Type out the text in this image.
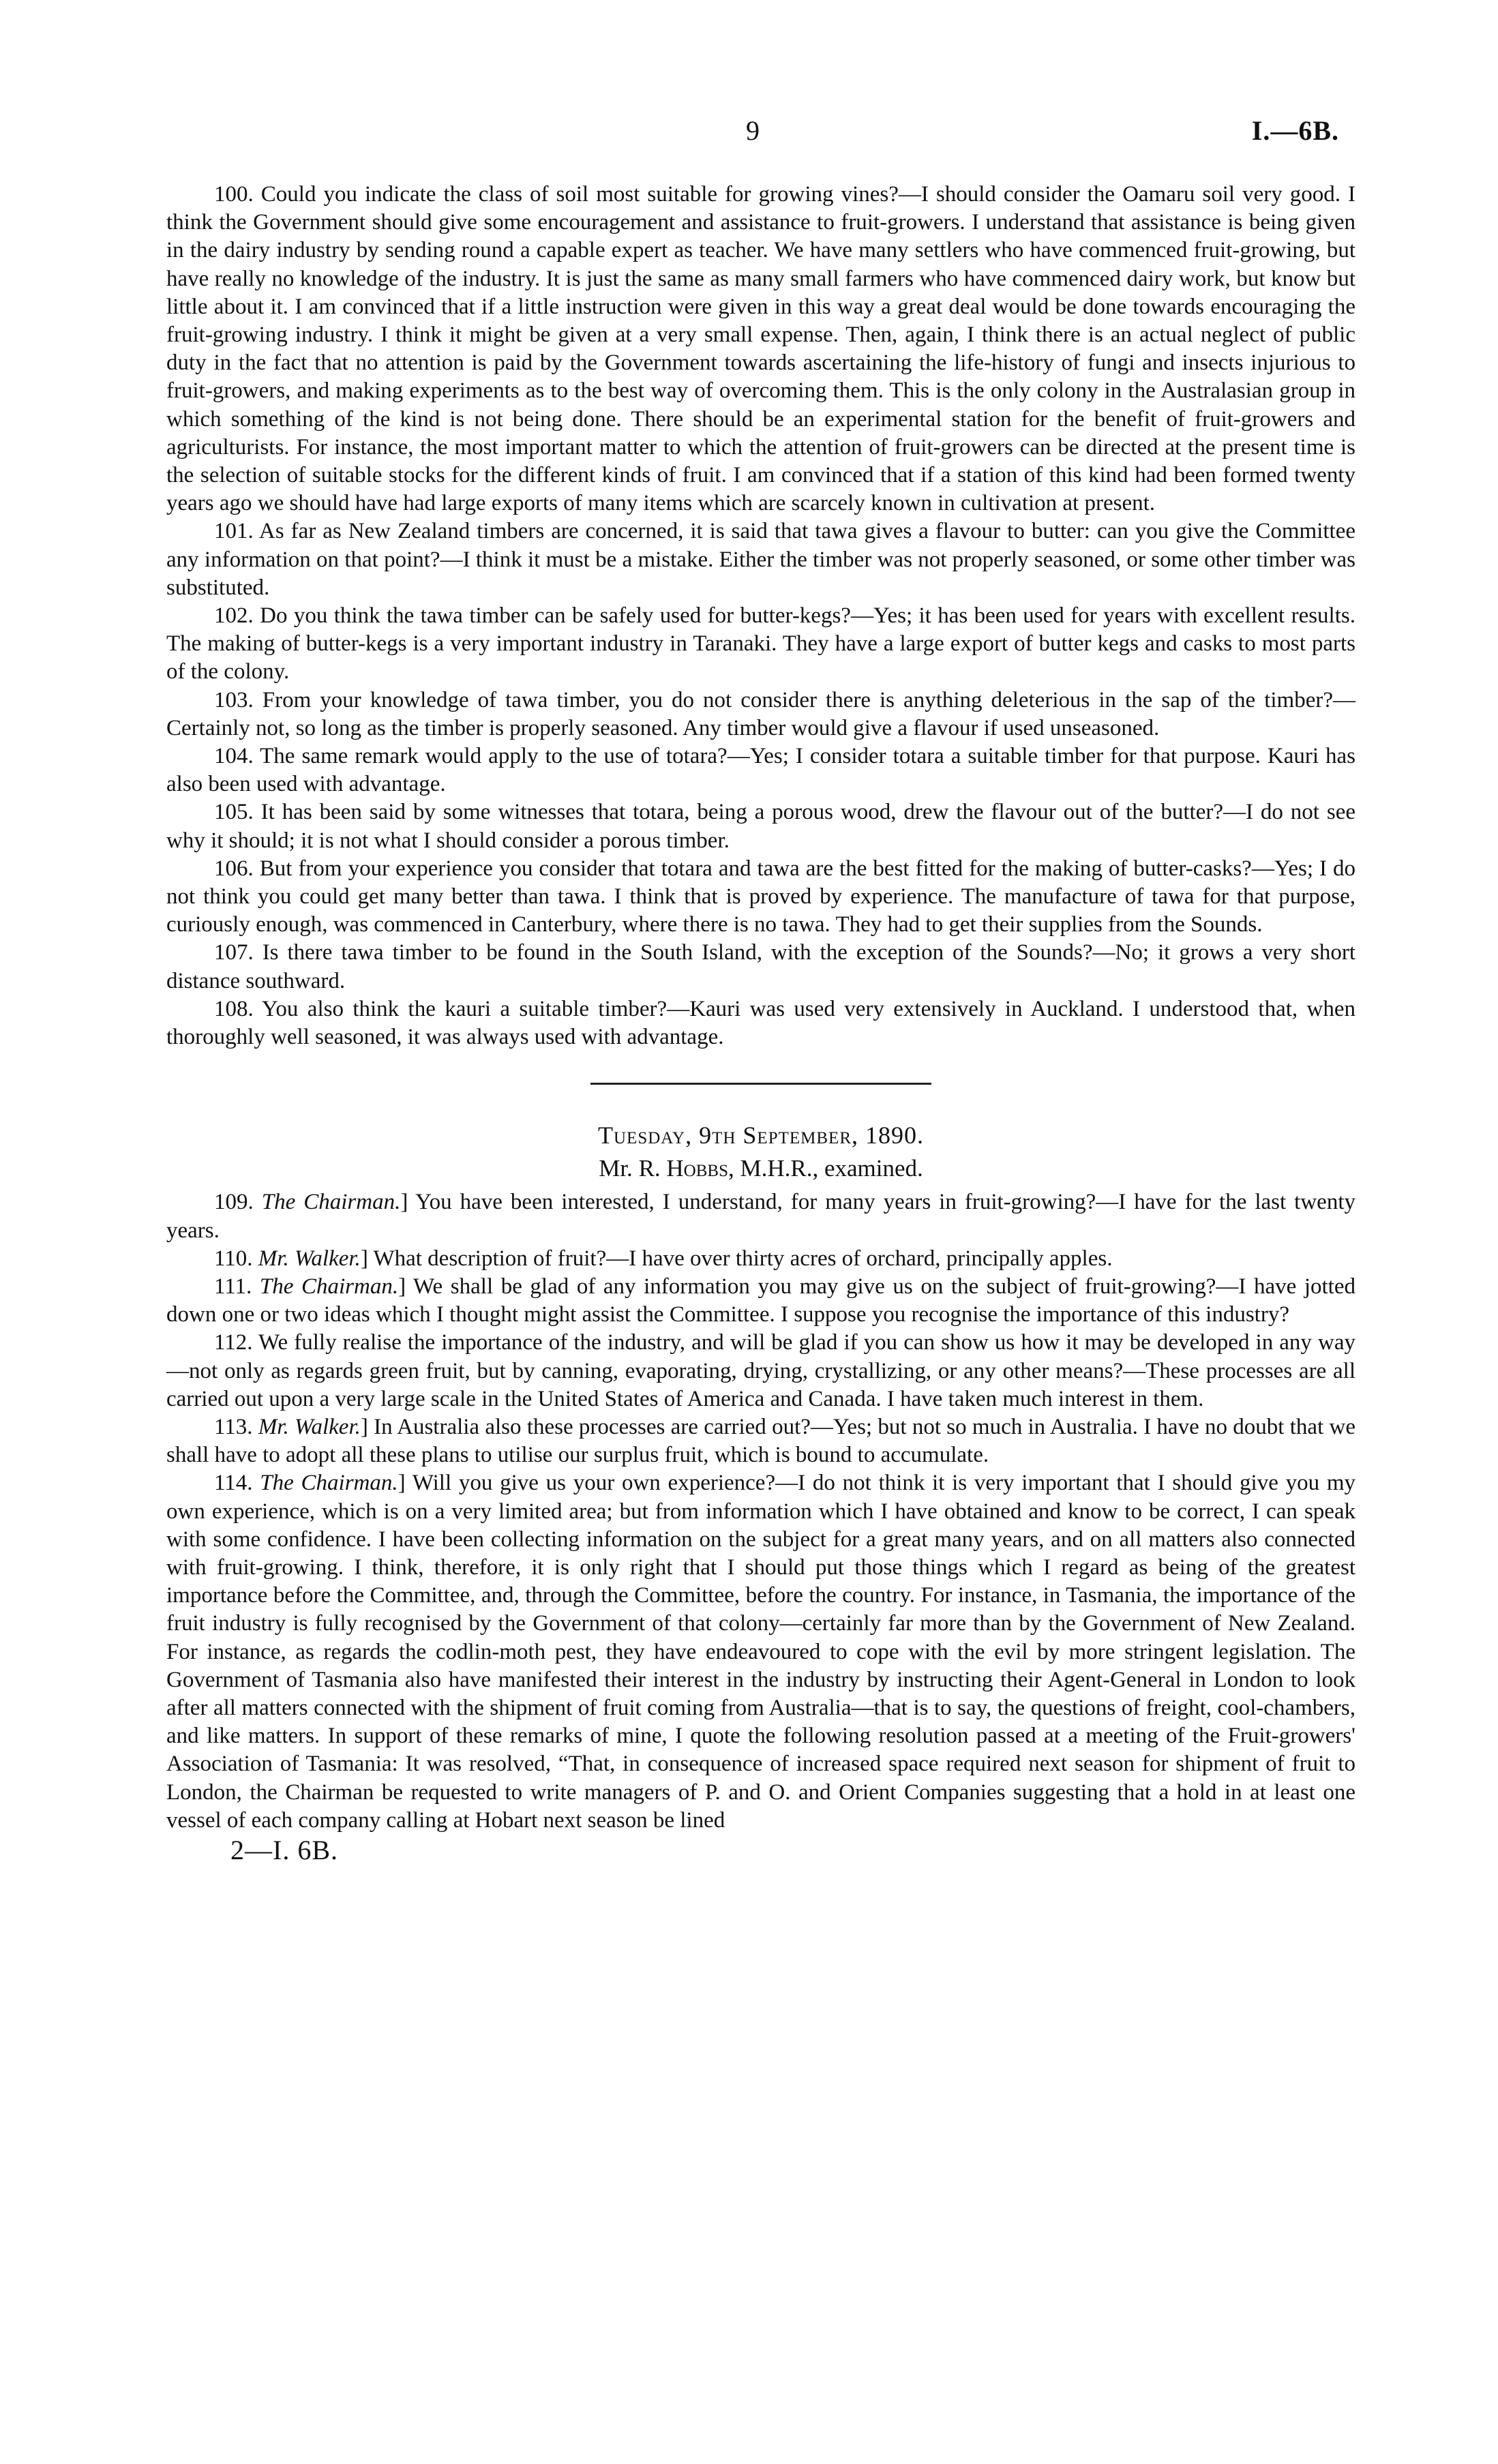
9	I.—6B.

100. Could you indicate the class of soil most suitable for growing vines?—I should consider the Oamaru soil very good. I think the Government should give some encouragement and assistance to fruit-growers. I understand that assistance is being given in the dairy industry by sending round a capable expert as teacher. We have many settlers who have commenced fruit-growing, but have really no knowledge of the industry. It is just the same as many small farmers who have commenced dairy work, but know but little about it. I am convinced that if a little instruction were given in this way a great deal would be done towards encouraging the fruit-growing industry. I think it might be given at a very small expense. Then, again, I think there is an actual neglect of public duty in the fact that no attention is paid by the Government towards ascertaining the life-history of fungi and insects injurious to fruit-growers, and making experiments as to the best way of overcoming them. This is the only colony in the Australasian group in which something of the kind is not being done. There should be an experimental station for the benefit of fruit-growers and agriculturists. For instance, the most important matter to which the attention of fruit-growers can be directed at the present time is the selection of suitable stocks for the different kinds of fruit. I am convinced that if a station of this kind had been formed twenty years ago we should have had large exports of many items which are scarcely known in cultivation at present.

101. As far as New Zealand timbers are concerned, it is said that tawa gives a flavour to butter: can you give the Committee any information on that point?—I think it must be a mistake. Either the timber was not properly seasoned, or some other timber was substituted.

102. Do you think the tawa timber can be safely used for butter-kegs?—Yes; it has been used for years with excellent results. The making of butter-kegs is a very important industry in Taranaki. They have a large export of butter kegs and casks to most parts of the colony.

103. From your knowledge of tawa timber, you do not consider there is anything deleterious in the sap of the timber?—Certainly not, so long as the timber is properly seasoned. Any timber would give a flavour if used unseasoned.

104. The same remark would apply to the use of totara?—Yes; I consider totara a suitable timber for that purpose. Kauri has also been used with advantage.

105. It has been said by some witnesses that totara, being a porous wood, drew the flavour out of the butter?—I do not see why it should; it is not what I should consider a porous timber.

106. But from your experience you consider that totara and tawa are the best fitted for the making of butter-casks?—Yes; I do not think you could get many better than tawa. I think that is proved by experience. The manufacture of tawa for that purpose, curiously enough, was commenced in Canterbury, where there is no tawa. They had to get their supplies from the Sounds.

107. Is there tawa timber to be found in the South Island, with the exception of the Sounds?—No; it grows a very short distance southward.

108. You also think the kauri a suitable timber?—Kauri was used very extensively in Auckland. I understood that, when thoroughly well seasoned, it was always used with advantage.

Tuesday, 9th September, 1890.
Mr. R. Hobbs, M.H.R., examined.

109. The Chairman.] You have been interested, I understand, for many years in fruit-growing?—I have for the last twenty years.

110. Mr. Walker.] What description of fruit?—I have over thirty acres of orchard, principally apples.

111. The Chairman.] We shall be glad of any information you may give us on the subject of fruit-growing?—I have jotted down one or two ideas which I thought might assist the Committee. I suppose you recognise the importance of this industry?

112. We fully realise the importance of the industry, and will be glad if you can show us how it may be developed in any way—not only as regards green fruit, but by canning, evaporating, drying, crystallizing, or any other means?—These processes are all carried out upon a very large scale in the United States of America and Canada. I have taken much interest in them.

113. Mr. Walker.] In Australia also these processes are carried out?—Yes; but not so much in Australia. I have no doubt that we shall have to adopt all these plans to utilise our surplus fruit, which is bound to accumulate.

114. The Chairman.] Will you give us your own experience?—I do not think it is very important that I should give you my own experience, which is on a very limited area; but from information which I have obtained and know to be correct, I can speak with some confidence. I have been collecting information on the subject for a great many years, and on all matters also connected with fruit-growing. I think, therefore, it is only right that I should put those things which I regard as being of the greatest importance before the Committee, and, through the Committee, before the country. For instance, in Tasmania, the importance of the fruit industry is fully recognised by the Government of that colony—certainly far more than by the Government of New Zealand. For instance, as regards the codlin-moth pest, they have endeavoured to cope with the evil by more stringent legislation. The Government of Tasmania also have manifested their interest in the industry by instructing their Agent-General in London to look after all matters connected with the shipment of fruit coming from Australia—that is to say, the questions of freight, cool-chambers, and like matters. In support of these remarks of mine, I quote the following resolution passed at a meeting of the Fruit-growers' Association of Tasmania: It was resolved, “That, in consequence of increased space required next season for shipment of fruit to London, the Chairman be requested to write managers of P. and O. and Orient Companies suggesting that a hold in at least one vessel of each company calling at Hobart next season be lined

2—I. 6B.
